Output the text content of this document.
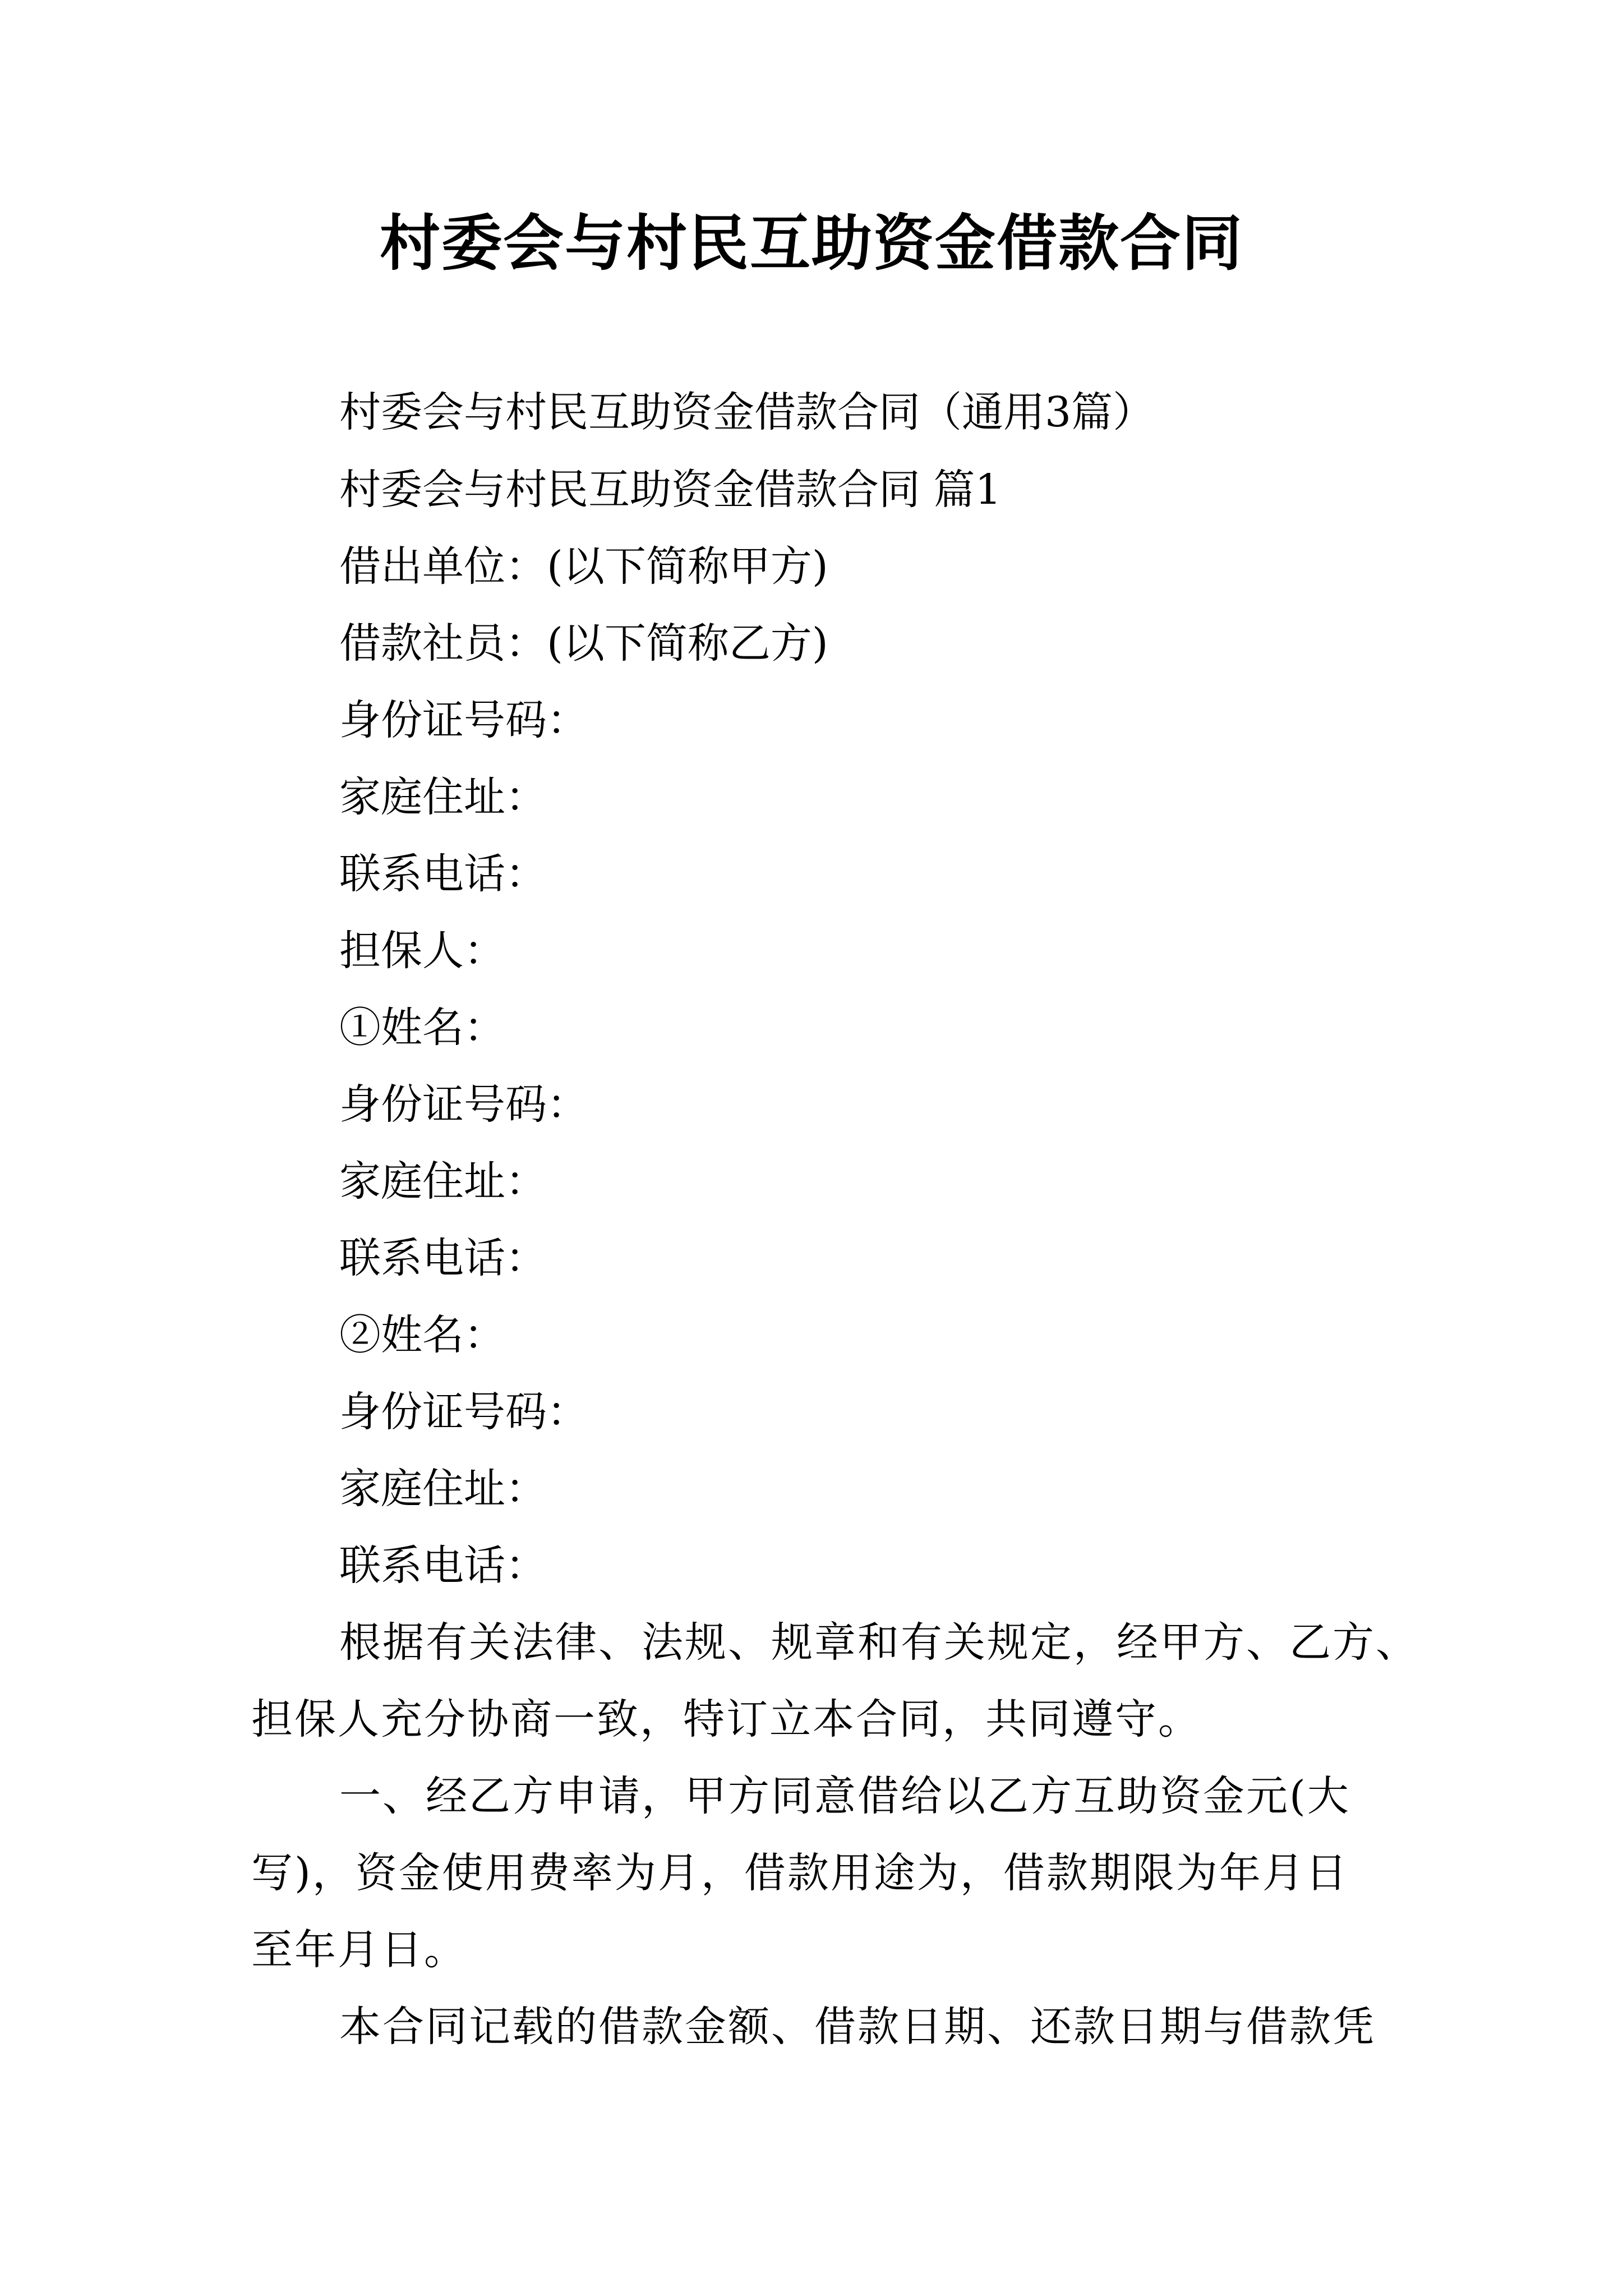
村委会与村民互助资金借款合同
村委会与村民互助资金借款合同（通用3篇）
村委会与村民互助资金借款合同 篇1
借出单位：(以下简称甲方)
借款社员：(以下简称乙方)
身份证号码：
家庭住址：
联系电话：
担保人：
①姓名：
身份证号码：
家庭住址：
联系电话：
②姓名：
身份证号码：
家庭住址：
联系电话：
根据有关法律、法规、规章和有关规定，经甲方、乙方、
担保人充分协商一致，特订立本合同，共同遵守。
一、经乙方申请，甲方同意借给以乙方互助资金元(大
写)，资金使用费率为月，借款用途为，借款期限为年月日
至年月日。
本合同记载的借款金额、借款日期、还款日期与借款凭
